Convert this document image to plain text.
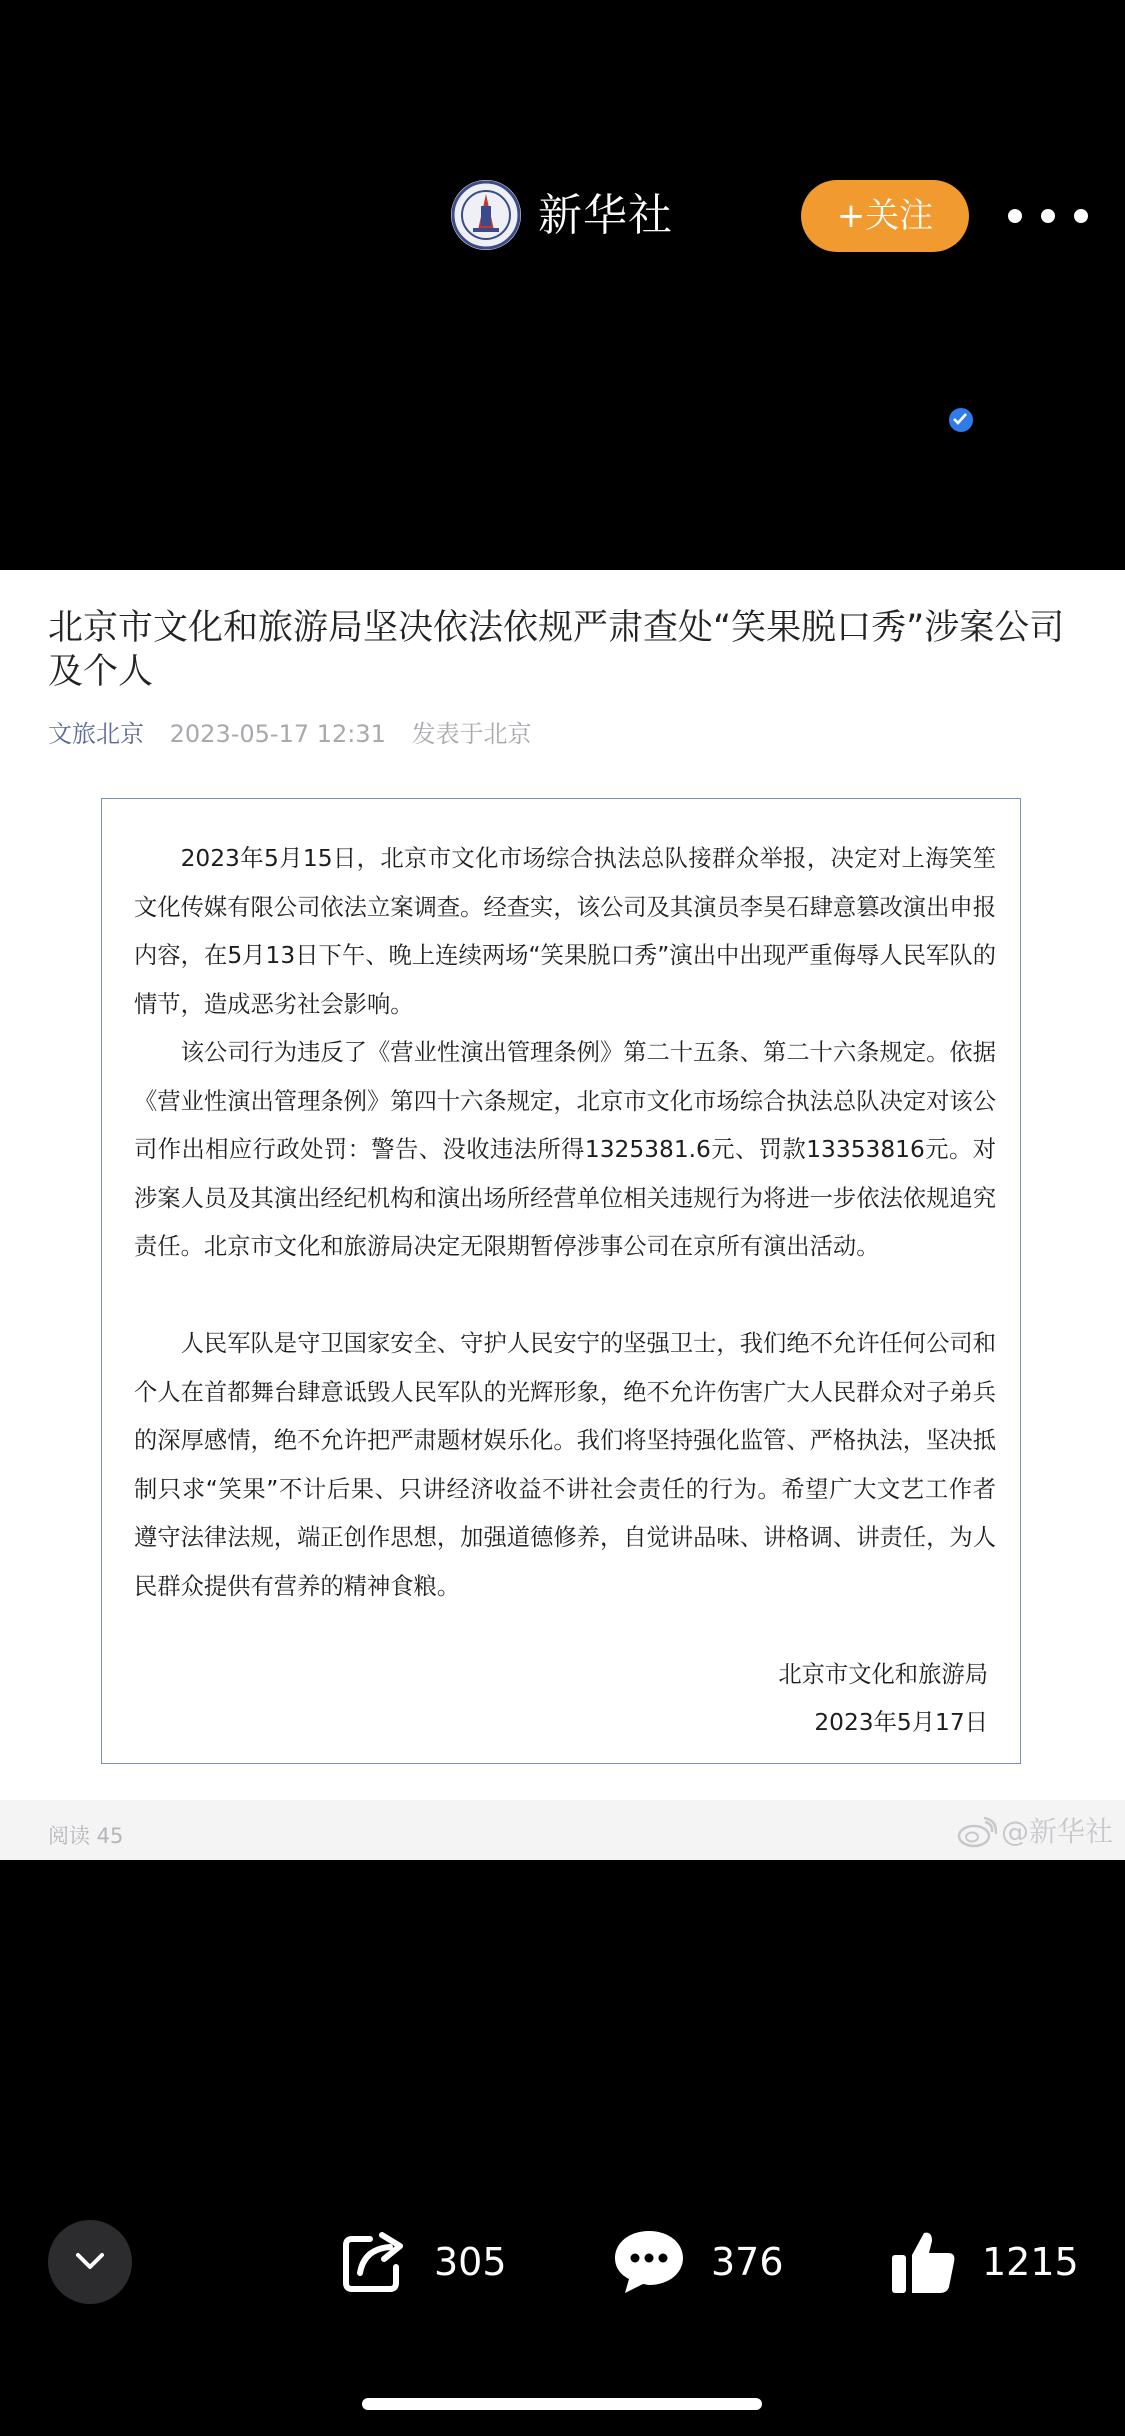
新华社	+关注
北京市文化和旅游局坚决依法依规严肃查处“笑果脱口秀”涉案公司及个人
文旅北京 2023-05-17 12:31 发表于北京
2023年5月15日，北京市文化市场综合执法总队接群众举报，决定对上海笑笙文化传媒有限公司依法立案调查。经查实，该公司及其演员李昊石肆意篡改演出申报内容，在5月13日下午、晚上连续两场“笑果脱口秀”演出中出现严重侮辱人民军队的情节，造成恶劣社会影响。
该公司行为违反了《营业性演出管理条例》第二十五条、第二十六条规定。依据《营业性演出管理条例》第四十六条规定，北京市文化市场综合执法总队决定对该公司作出相应行政处罚：警告、没收违法所得1325381.6元、罚款13353816元。对涉案人员及其演出经纪机构和演出场所经营单位相关违规行为将进一步依法依规追究责任。北京市文化和旅游局决定无限期暂停涉事公司在京所有演出活动。
人民军队是守卫国家安全、守护人民安宁的坚强卫士，我们绝不允许任何公司和个人在首都舞台肆意诋毁人民军队的光辉形象，绝不允许伤害广大人民群众对子弟兵的深厚感情，绝不允许把严肃题材娱乐化。我们将坚持强化监管、严格执法，坚决抵制只求“笑果”不计后果、只讲经济收益不讲社会责任的行为。希望广大文艺工作者遵守法律法规，端正创作思想，加强道德修养，自觉讲品味、讲格调、讲责任，为人民群众提供有营养的精神食粮。
北京市文化和旅游局
2023年5月17日
阅读 45	@新华社
305	376	1215
